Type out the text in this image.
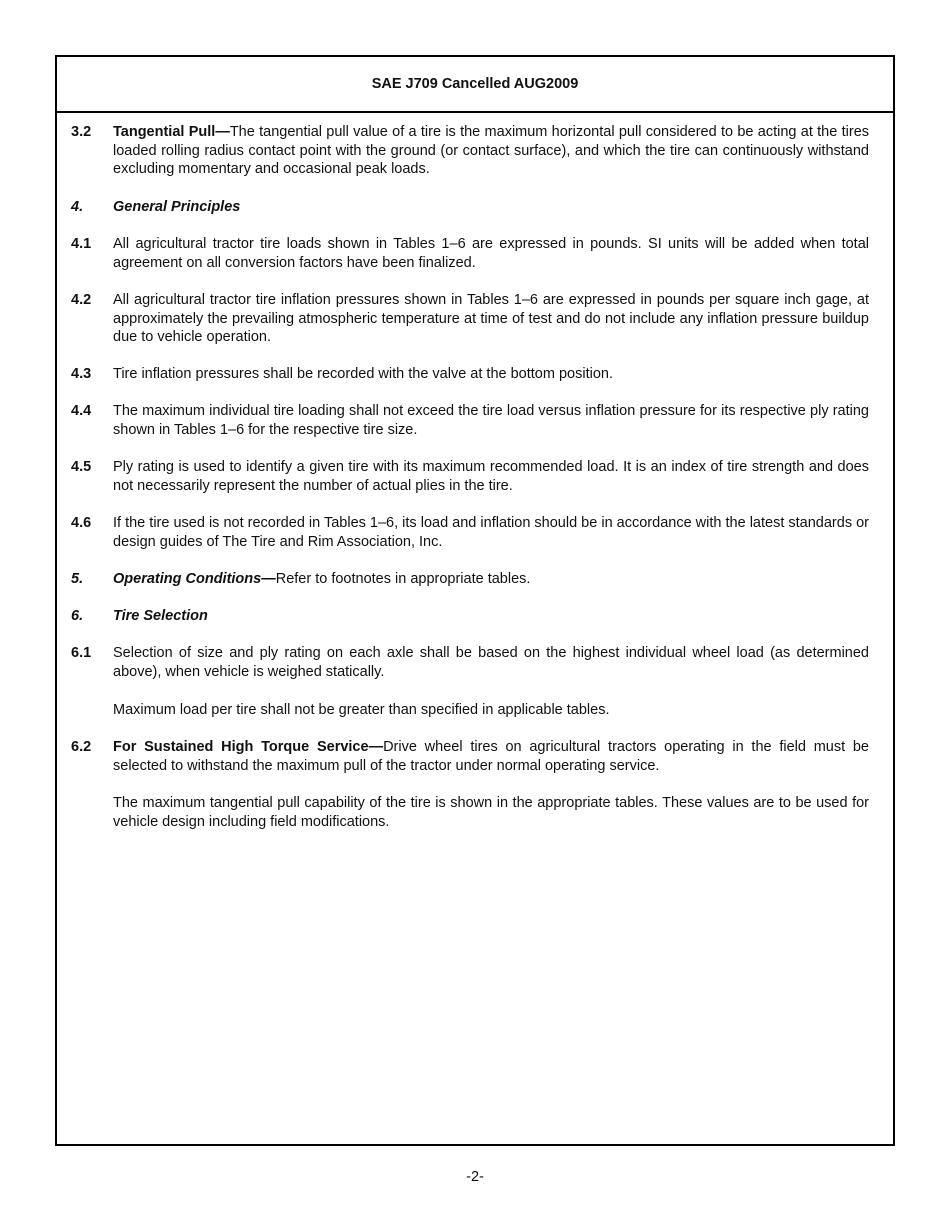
SAE J709 Cancelled AUG2009
3.2 Tangential Pull—The tangential pull value of a tire is the maximum horizontal pull considered to be acting at the tires loaded rolling radius contact point with the ground (or contact surface), and which the tire can continuously withstand excluding momentary and occasional peak loads.
4. General Principles
4.1 All agricultural tractor tire loads shown in Tables 1–6 are expressed in pounds. SI units will be added when total agreement on all conversion factors have been finalized.
4.2 All agricultural tractor tire inflation pressures shown in Tables 1–6 are expressed in pounds per square inch gage, at approximately the prevailing atmospheric temperature at time of test and do not include any inflation pressure buildup due to vehicle operation.
4.3 Tire inflation pressures shall be recorded with the valve at the bottom position.
4.4 The maximum individual tire loading shall not exceed the tire load versus inflation pressure for its respective ply rating shown in Tables 1–6 for the respective tire size.
4.5 Ply rating is used to identify a given tire with its maximum recommended load. It is an index of tire strength and does not necessarily represent the number of actual plies in the tire.
4.6 If the tire used is not recorded in Tables 1–6, its load and inflation should be in accordance with the latest standards or design guides of The Tire and Rim Association, Inc.
5. Operating Conditions—Refer to footnotes in appropriate tables.
6. Tire Selection
6.1 Selection of size and ply rating on each axle shall be based on the highest individual wheel load (as determined above), when vehicle is weighed statically.
Maximum load per tire shall not be greater than specified in applicable tables.
6.2 For Sustained High Torque Service—Drive wheel tires on agricultural tractors operating in the field must be selected to withstand the maximum pull of the tractor under normal operating service.
The maximum tangential pull capability of the tire is shown in the appropriate tables. These values are to be used for vehicle design including field modifications.
-2-
